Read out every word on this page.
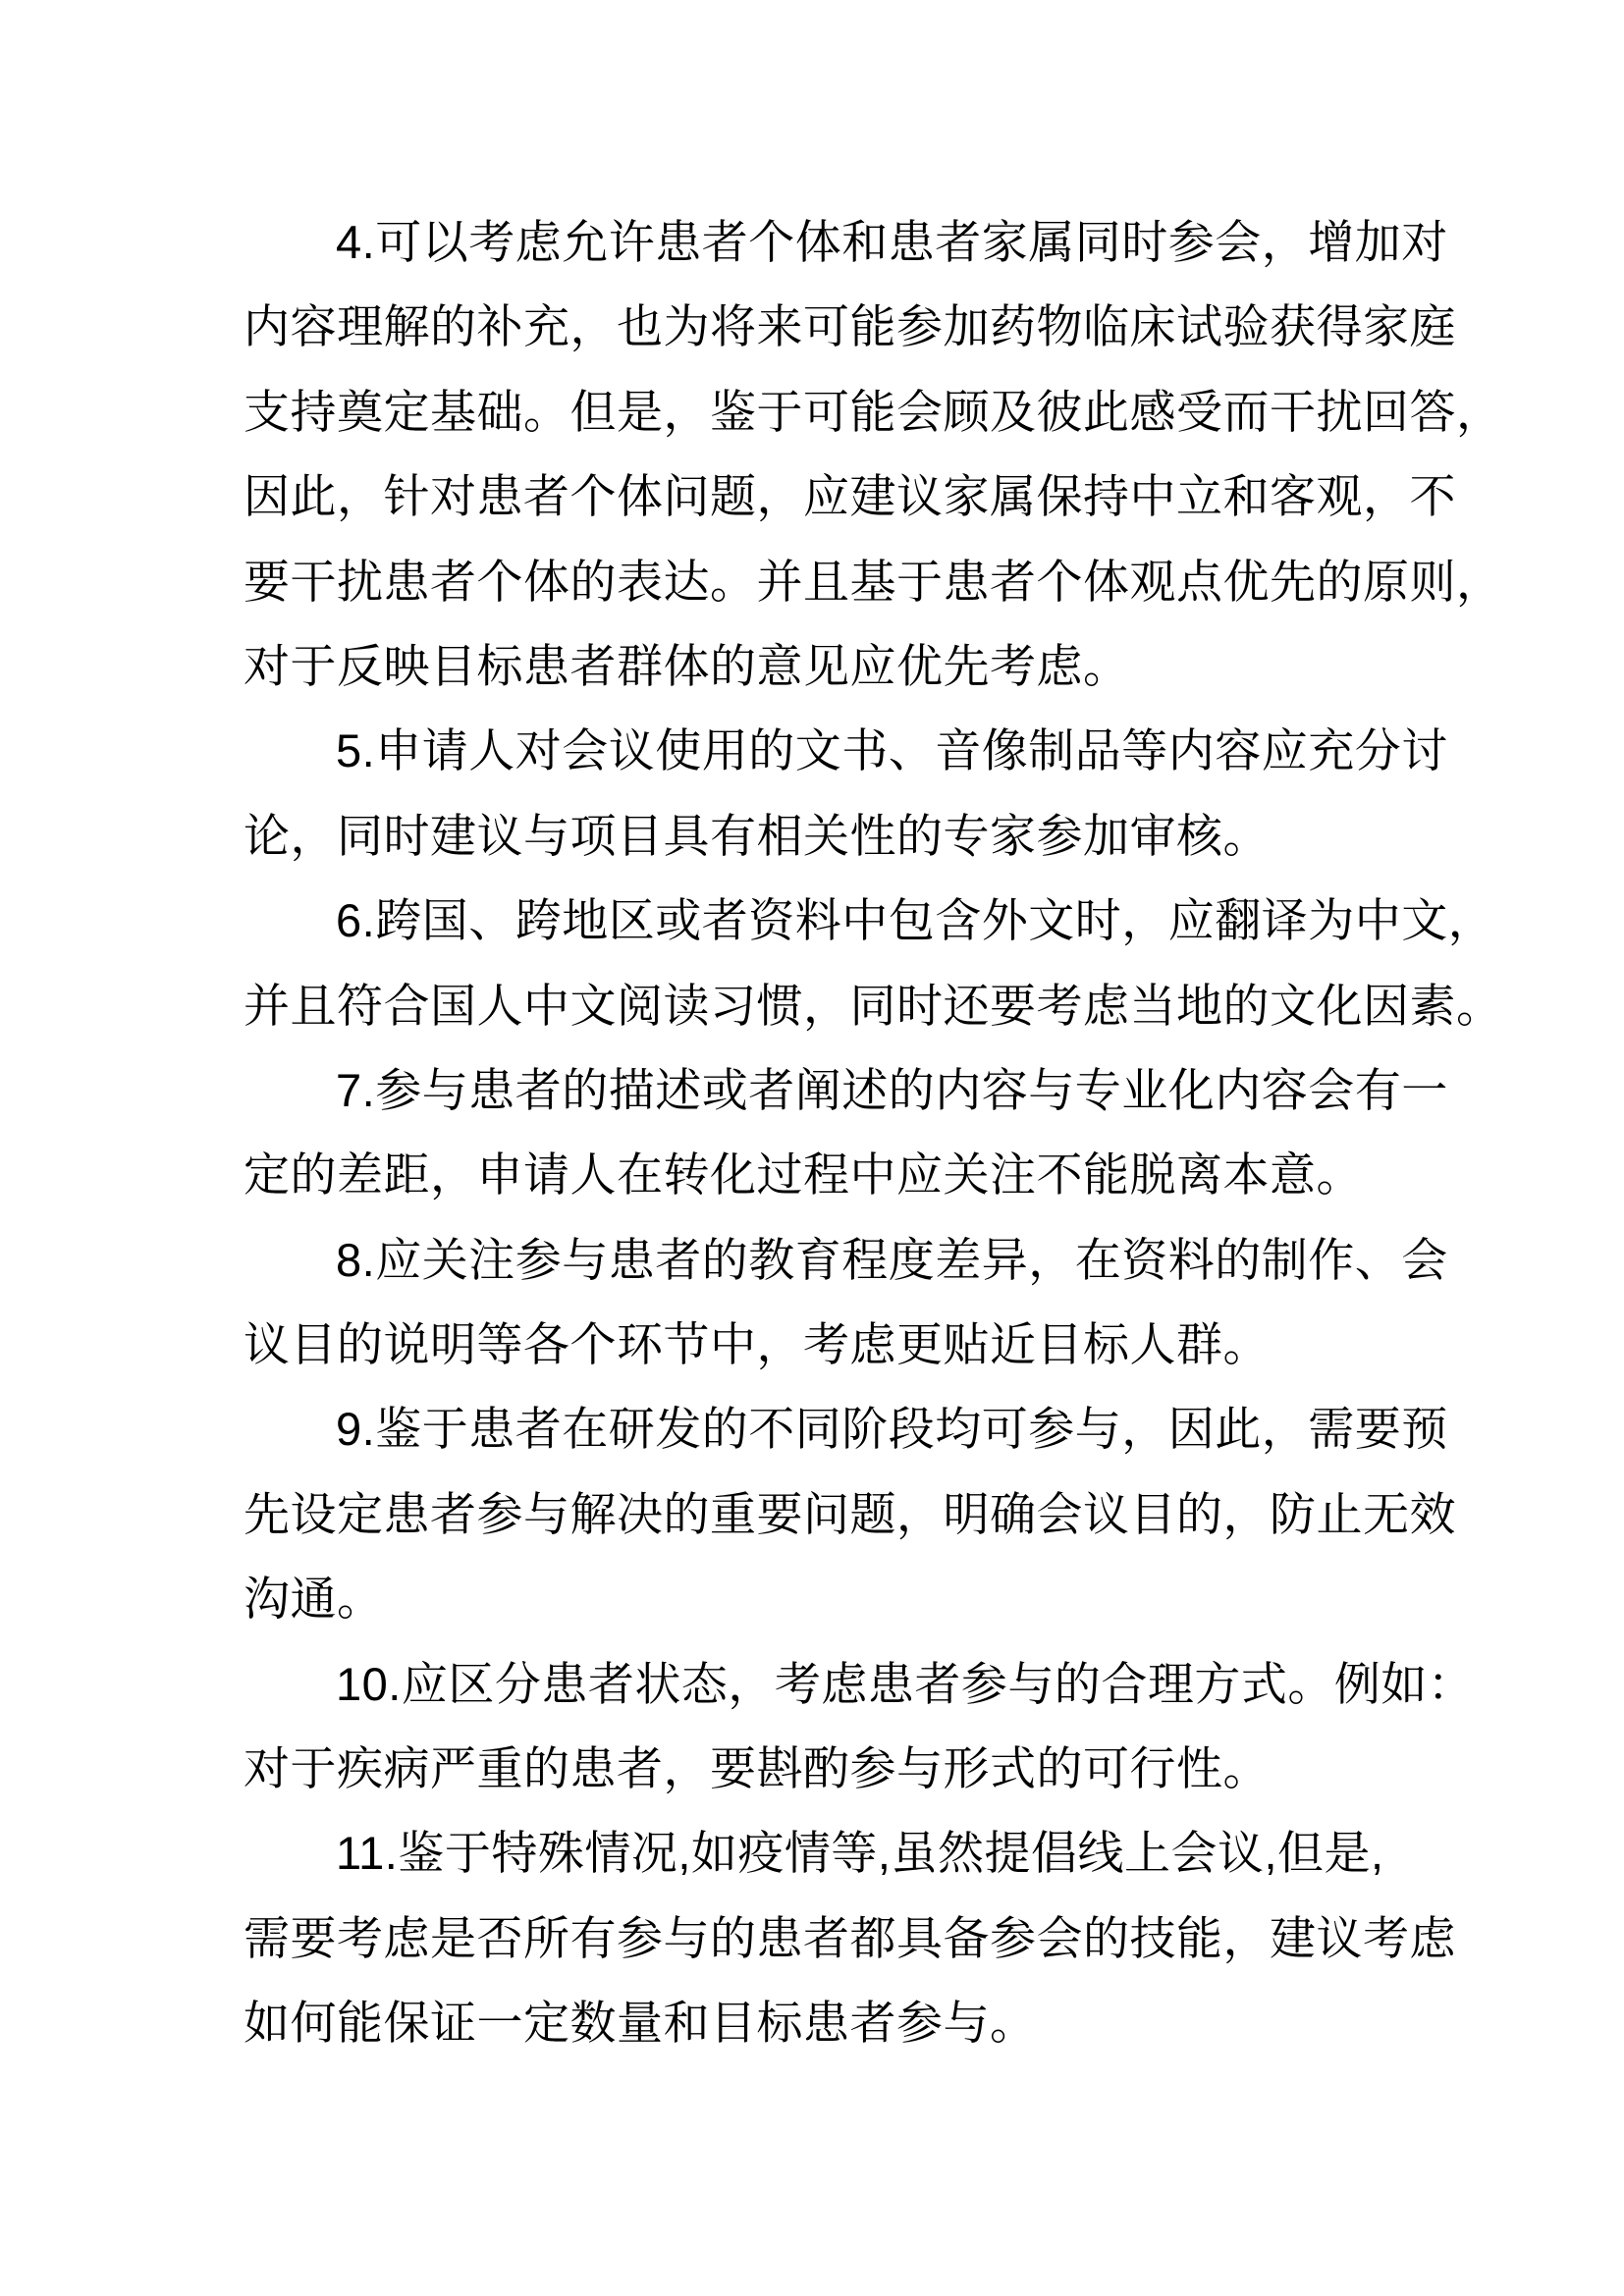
4.可以考虑允许患者个体和患者家属同时参会，增加对
内容理解的补充，也为将来可能参加药物临床试验获得家庭
支持奠定基础。但是，鉴于可能会顾及彼此感受而干扰回答，
因此，针对患者个体问题，应建议家属保持中立和客观，不
要干扰患者个体的表达。并且基于患者个体观点优先的原则，
对于反映目标患者群体的意见应优先考虑。
5.申请人对会议使用的文书、音像制品等内容应充分讨
论，同时建议与项目具有相关性的专家参加审核。
6.跨国、跨地区或者资料中包含外文时，应翻译为中文，
并且符合国人中文阅读习惯，同时还要考虑当地的文化因素。
7.参与患者的描述或者阐述的内容与专业化内容会有一
定的差距，申请人在转化过程中应关注不能脱离本意。
8.应关注参与患者的教育程度差异，在资料的制作、会
议目的说明等各个环节中，考虑更贴近目标人群。
9.鉴于患者在研发的不同阶段均可参与，因此，需要预
先设定患者参与解决的重要问题，明确会议目的，防止无效
沟通。
10.应区分患者状态，考虑患者参与的合理方式。例如：
对于疾病严重的患者，要斟酌参与形式的可行性。
11.鉴于特殊情况,如疫情等,虽然提倡线上会议,但是,
需要考虑是否所有参与的患者都具备参会的技能，建议考虑
如何能保证一定数量和目标患者参与。
